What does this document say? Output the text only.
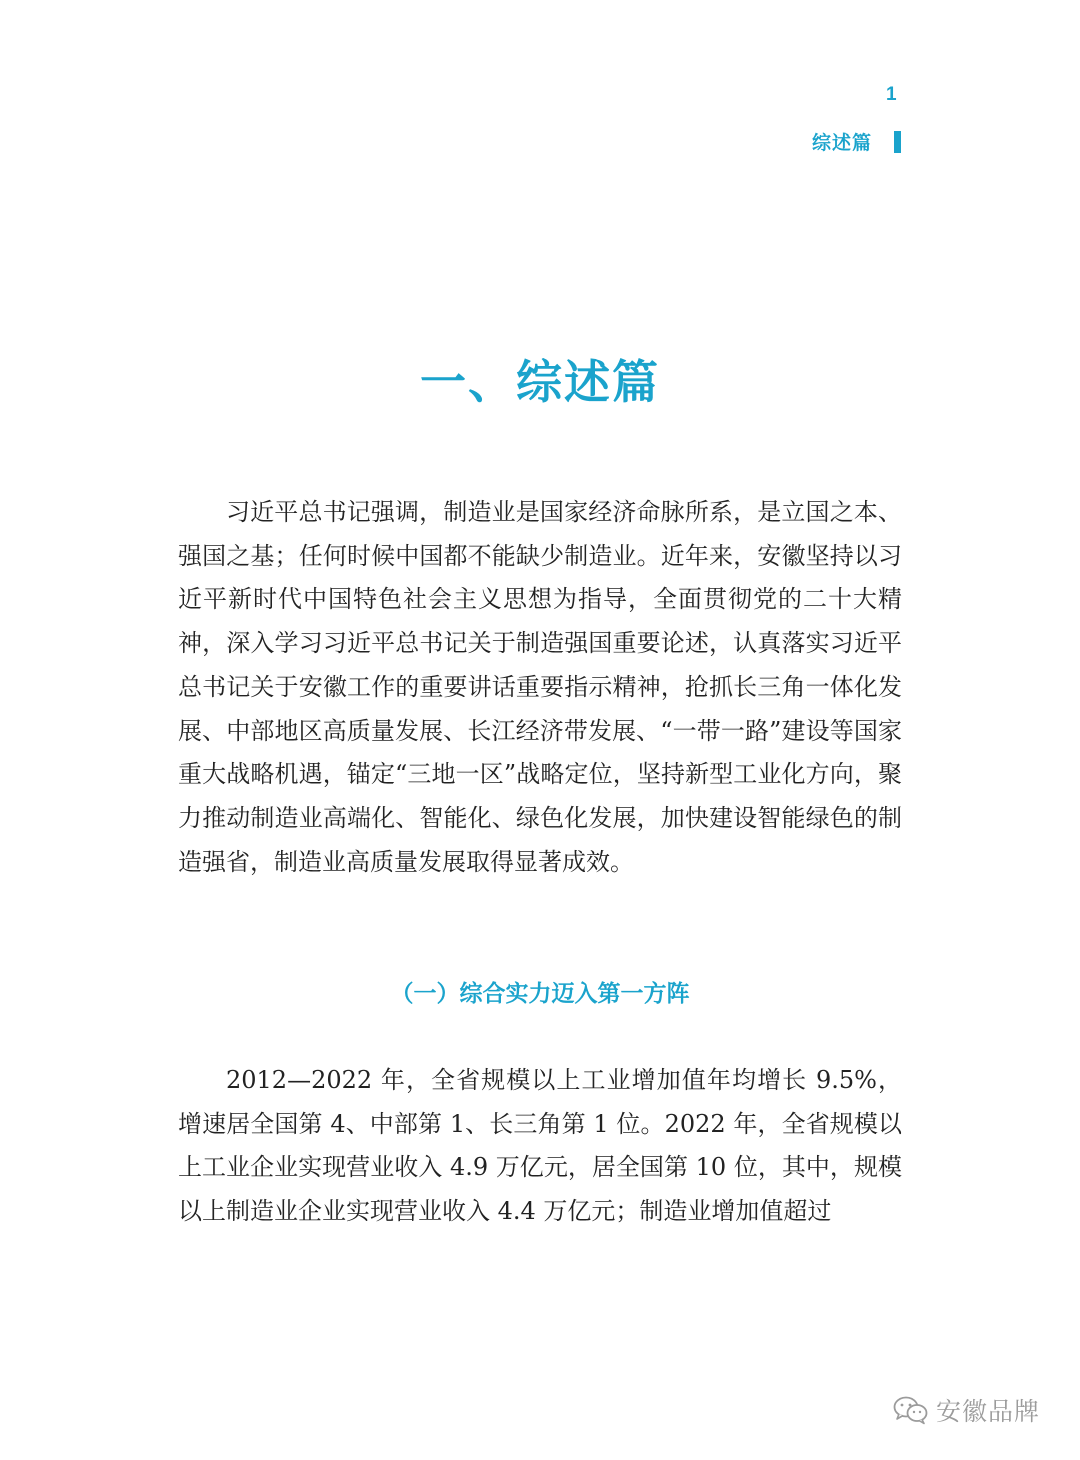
1
综述篇
一、综述篇

习近平总书记强调，制造业是国家经济命脉所系，是立国之本、强国之基；任何时候中国都不能缺少制造业。近年来，安徽坚持以习近平新时代中国特色社会主义思想为指导，全面贯彻党的二十大精神，深入学习习近平总书记关于制造强国重要论述，认真落实习近平总书记关于安徽工作的重要讲话重要指示精神，抢抓长三角一体化发展、中部地区高质量发展、长江经济带发展、“一带一路”建设等国家重大战略机遇，锚定“三地一区”战略定位，坚持新型工业化方向，聚力推动制造业高端化、智能化、绿色化发展，加快建设智能绿色的制造强省，制造业高质量发展取得显著成效。

（一）综合实力迈入第一方阵

2012—2022 年，全省规模以上工业增加值年均增长 9.5%，增速居全国第 4、中部第 1、长三角第 1 位。2022 年，全省规模以上工业企业实现营业收入 4.9 万亿元，居全国第 10 位，其中，规模以上制造业企业实现营业收入 4.4 万亿元；制造业增加值超过

安徽品牌
